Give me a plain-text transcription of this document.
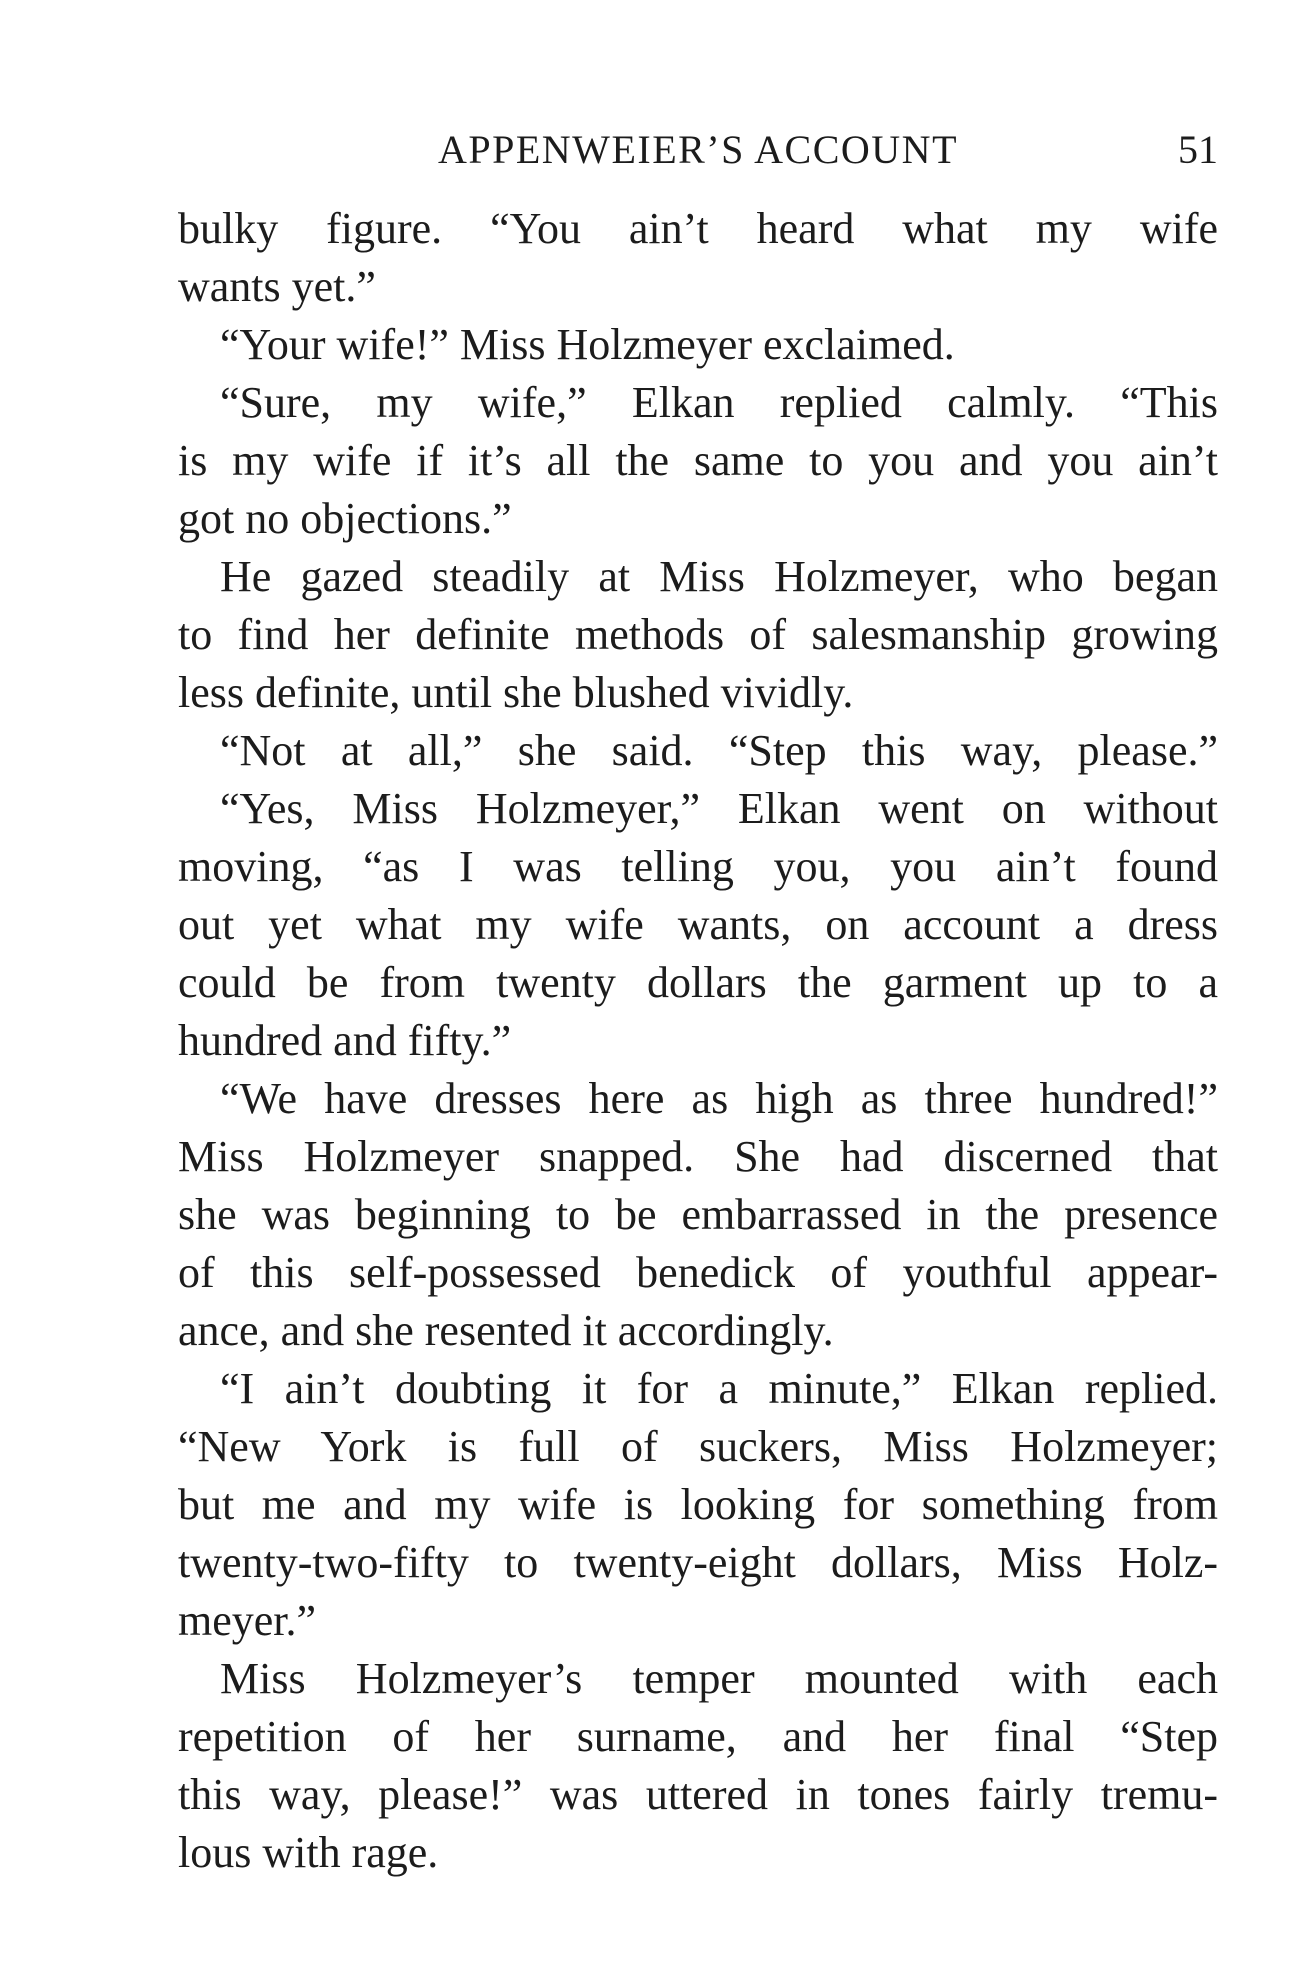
APPENWEIER’S ACCOUNT	51
bulky figure. “You ain’t heard what my wife
wants yet.”
“Your wife!” Miss Holzmeyer exclaimed.
“Sure, my wife,” Elkan replied calmly. “This
is my wife if it’s all the same to you and you ain’t
got no objections.”
He gazed steadily at Miss Holzmeyer, who began
to find her definite methods of salesmanship growing
less definite, until she blushed vividly.
“Not at all,” she said. “Step this way, please.”
“Yes, Miss Holzmeyer,” Elkan went on without
moving, “as I was telling you, you ain’t found
out yet what my wife wants, on account a dress
could be from twenty dollars the garment up to a
hundred and fifty.”
“We have dresses here as high as three hundred!”
Miss Holzmeyer snapped. She had discerned that
she was beginning to be embarrassed in the presence
of this self-possessed benedick of youthful appear-
ance, and she resented it accordingly.
“I ain’t doubting it for a minute,” Elkan replied.
“New York is full of suckers, Miss Holzmeyer;
but me and my wife is looking for something from
twenty-two-fifty to twenty-eight dollars, Miss Holz-
meyer.”
Miss Holzmeyer’s temper mounted with each
repetition of her surname, and her final “Step
this way, please!” was uttered in tones fairly tremu-
lous with rage.
